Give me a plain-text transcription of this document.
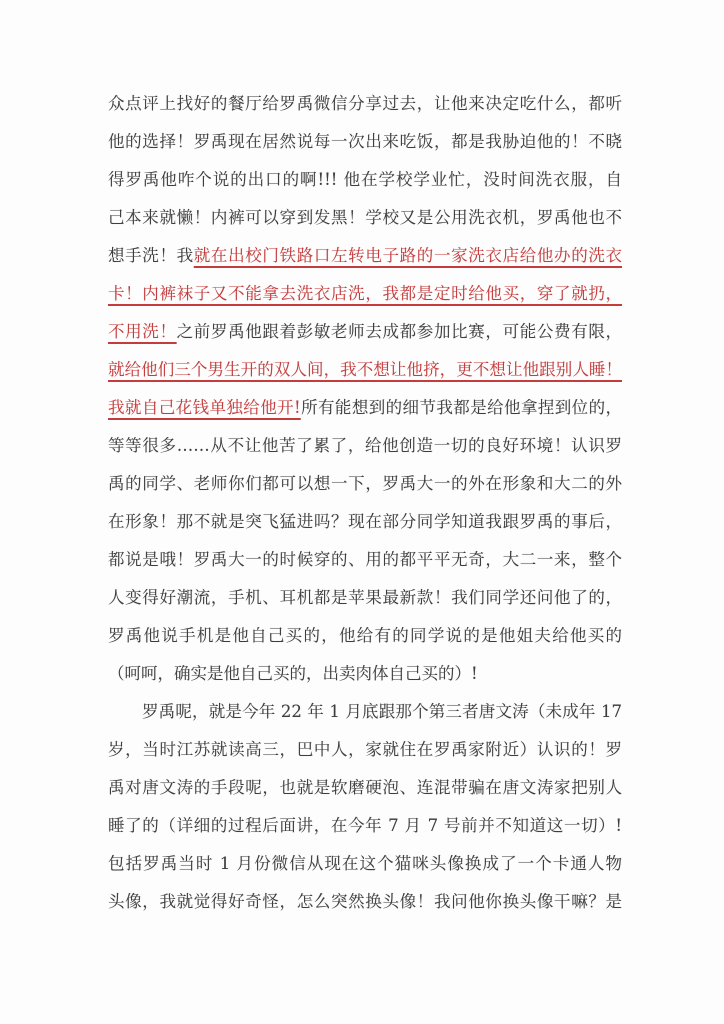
众点评上找好的餐厅给罗禹微信分享过去，让他来决定吃什么，都听
他的选择！罗禹现在居然说每一次出来吃饭，都是我胁迫他的！不晓
得罗禹他咋个说的出口的啊!!! 他在学校学业忙，没时间洗衣服，自
己本来就懒！内裤可以穿到发黑！学校又是公用洗衣机，罗禹他也不
想手洗！我就在出校门铁路口左转电子路的一家洗衣店给他办的洗衣
卡！内裤袜子又不能拿去洗衣店洗，我都是定时给他买，穿了就扔，
不用洗！之前罗禹他跟着彭敏老师去成都参加比赛，可能公费有限，
就给他们三个男生开的双人间，我不想让他挤，更不想让他跟别人睡！
我就自己花钱单独给他开!所有能想到的细节我都是给他拿捏到位的，
等等很多……从不让他苦了累了，给他创造一切的良好环境！认识罗
禹的同学、老师你们都可以想一下，罗禹大一的外在形象和大二的外
在形象！那不就是突飞猛进吗？现在部分同学知道我跟罗禹的事后，
都说是哦！罗禹大一的时候穿的、用的都平平无奇，大二一来，整个
人变得好潮流，手机、耳机都是苹果最新款！我们同学还问他了的，
罗禹他说手机是他自己买的，他给有的同学说的是他姐夫给他买的
（呵呵，确实是他自己买的，出卖肉体自己买的）!
罗禹呢，就是今年 22 年 1 月底跟那个第三者唐文涛（未成年 17
岁，当时江苏就读高三，巴中人，家就住在罗禹家附近）认识的！罗
禹对唐文涛的手段呢，也就是软磨硬泡、连混带骗在唐文涛家把别人
睡了的（详细的过程后面讲，在今年 7 月 7 号前并不知道这一切）!
包括罗禹当时 1 月份微信从现在这个猫咪头像换成了一个卡通人物
头像，我就觉得好奇怪，怎么突然换头像！我问他你换头像干嘛？是
